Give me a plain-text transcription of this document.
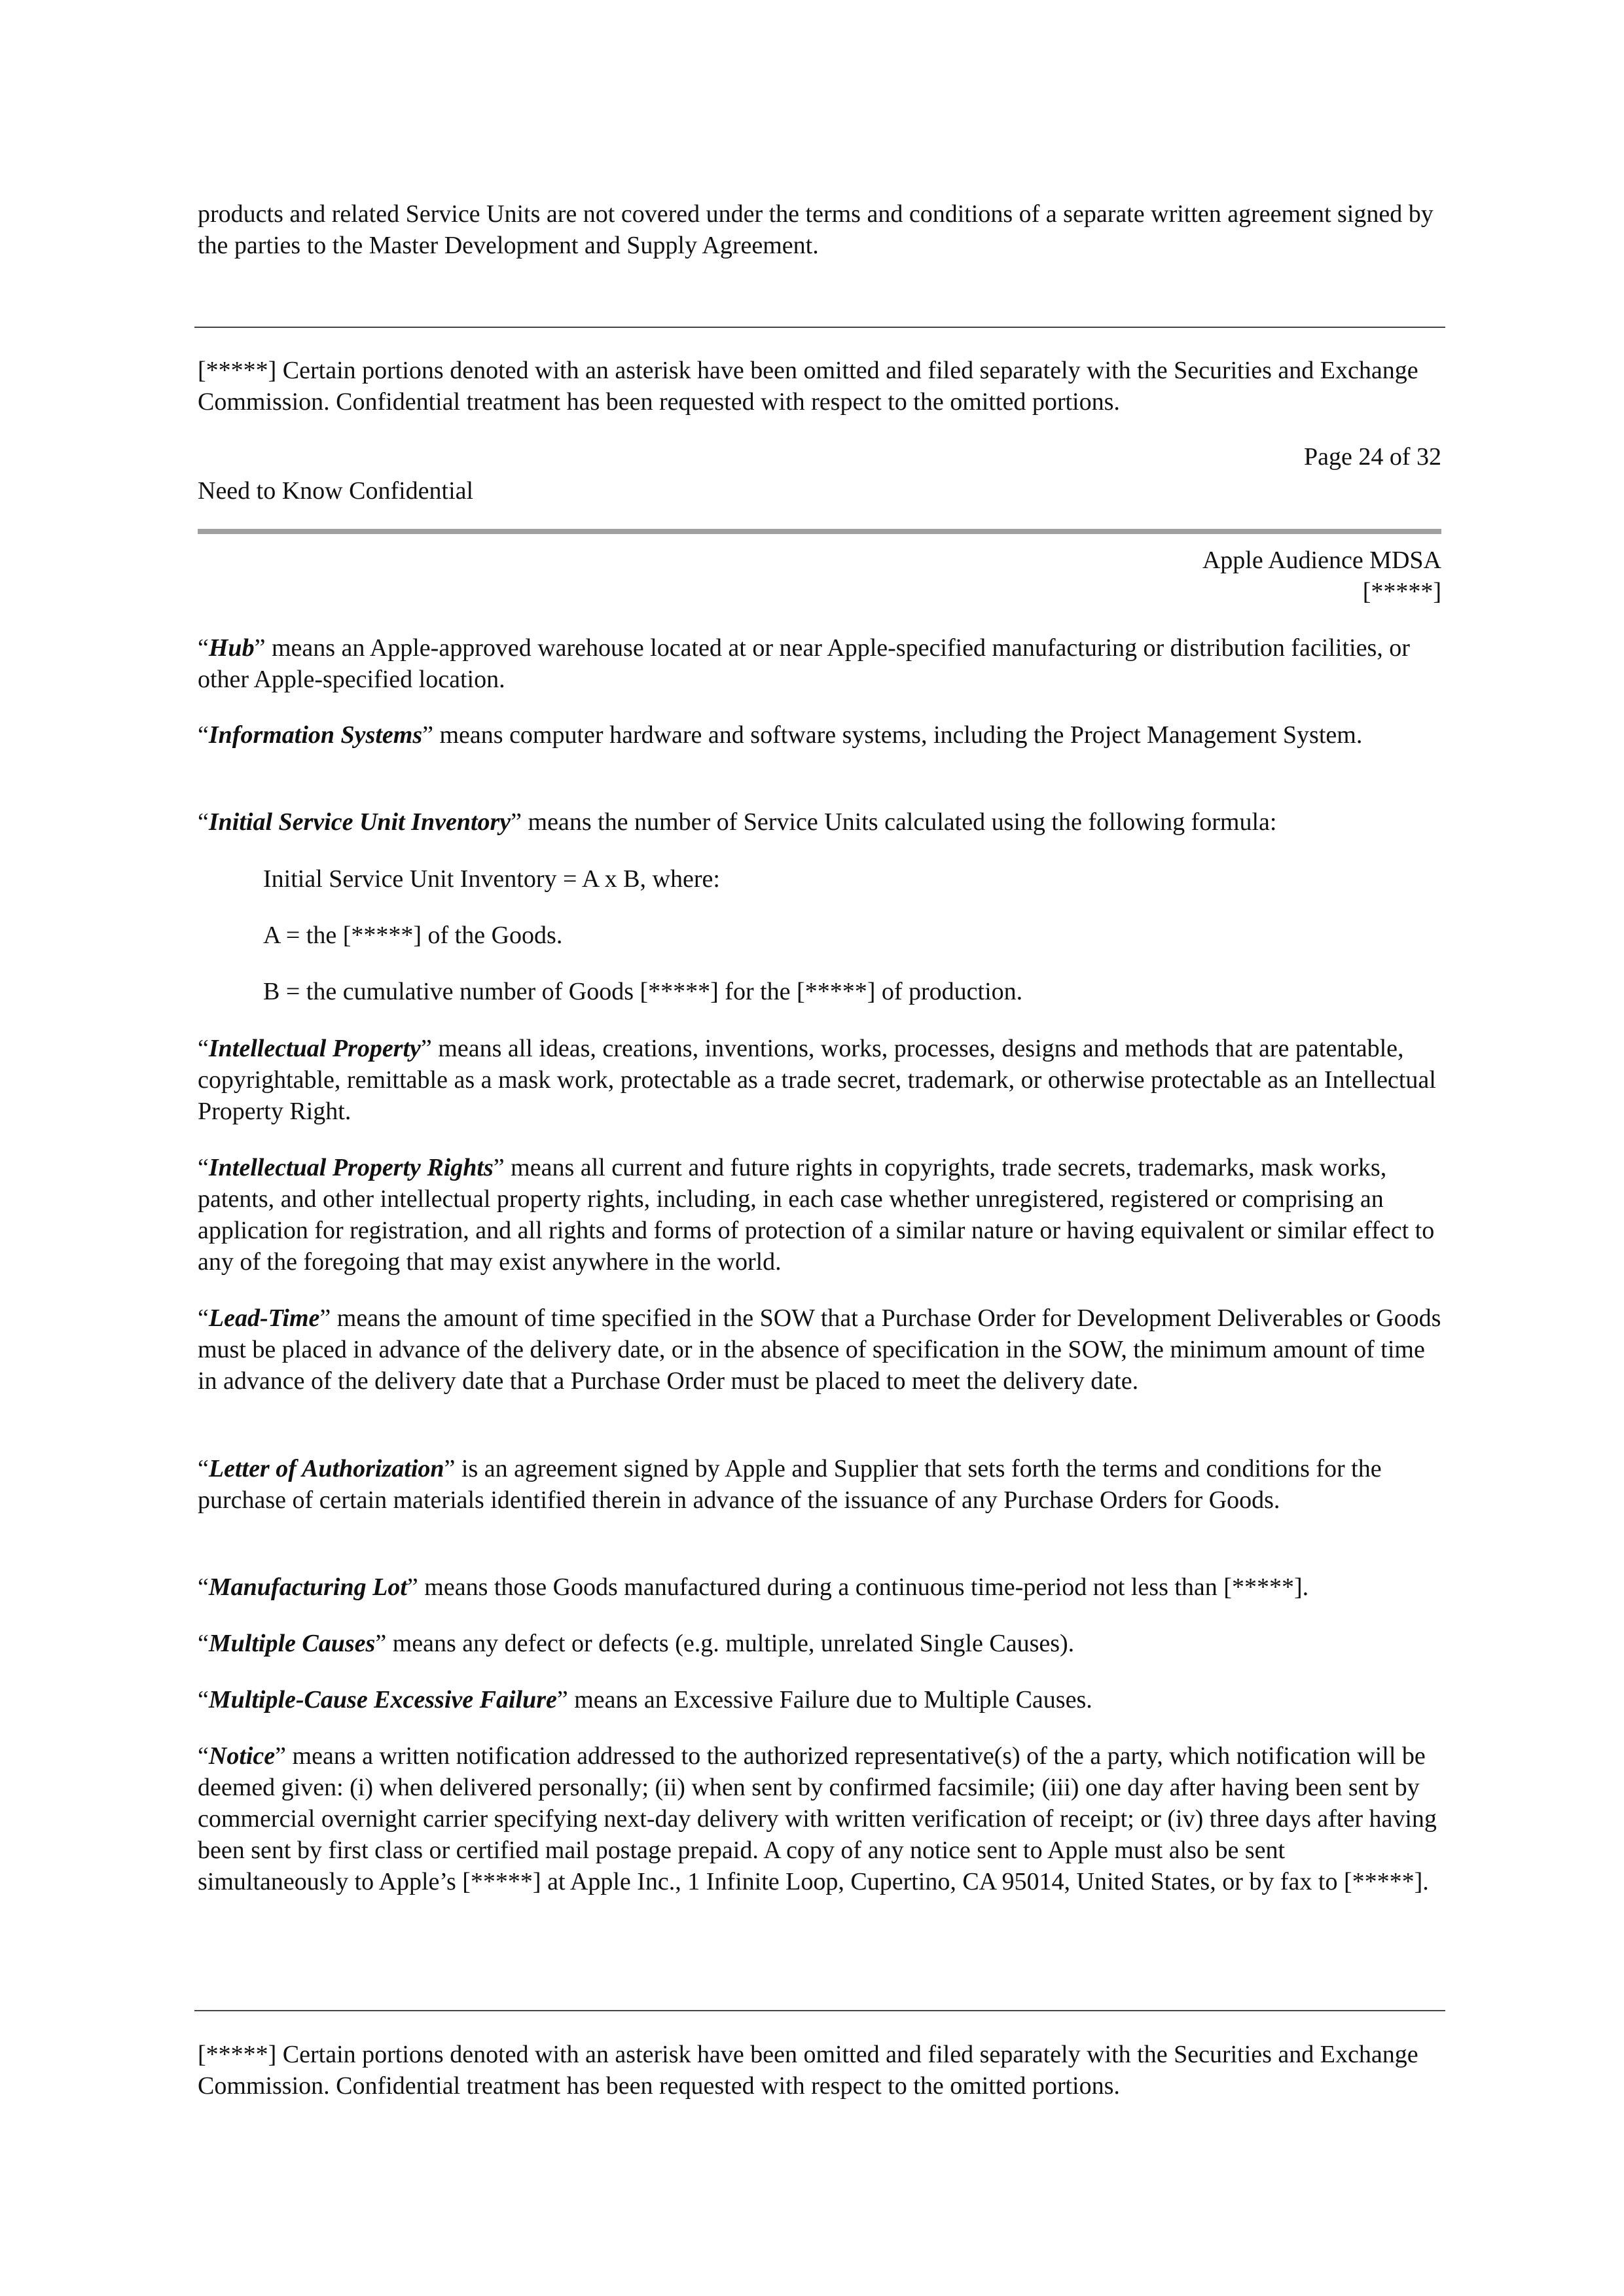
products and related Service Units are not covered under the terms and conditions of a separate written agreement signed by the parties to the Master Development and Supply Agreement.

[*****] Certain portions denoted with an asterisk have been omitted and filed separately with the Securities and Exchange Commission. Confidential treatment has been requested with respect to the omitted portions.

Page 24 of 32

Need to Know Confidential

Apple Audience MDSA
[*****]

“Hub” means an Apple-approved warehouse located at or near Apple-specified manufacturing or distribution facilities, or other Apple-specified location.

“Information Systems” means computer hardware and software systems, including the Project Management System.

“Initial Service Unit Inventory” means the number of Service Units calculated using the following formula:

Initial Service Unit Inventory = A x B, where:

A = the [*****] of the Goods.

B = the cumulative number of Goods [*****] for the [*****] of production.

“Intellectual Property” means all ideas, creations, inventions, works, processes, designs and methods that are patentable, copyrightable, remittable as a mask work, protectable as a trade secret, trademark, or otherwise protectable as an Intellectual Property Right.

“Intellectual Property Rights” means all current and future rights in copyrights, trade secrets, trademarks, mask works, patents, and other intellectual property rights, including, in each case whether unregistered, registered or comprising an application for registration, and all rights and forms of protection of a similar nature or having equivalent or similar effect to any of the foregoing that may exist anywhere in the world.

“Lead-Time” means the amount of time specified in the SOW that a Purchase Order for Development Deliverables or Goods must be placed in advance of the delivery date, or in the absence of specification in the SOW, the minimum amount of time in advance of the delivery date that a Purchase Order must be placed to meet the delivery date.

“Letter of Authorization” is an agreement signed by Apple and Supplier that sets forth the terms and conditions for the purchase of certain materials identified therein in advance of the issuance of any Purchase Orders for Goods.

“Manufacturing Lot” means those Goods manufactured during a continuous time-period not less than [*****].

“Multiple Causes” means any defect or defects (e.g. multiple, unrelated Single Causes).

“Multiple-Cause Excessive Failure” means an Excessive Failure due to Multiple Causes.

“Notice” means a written notification addressed to the authorized representative(s) of the a party, which notification will be deemed given: (i) when delivered personally; (ii) when sent by confirmed facsimile; (iii) one day after having been sent by commercial overnight carrier specifying next-day delivery with written verification of receipt; or (iv) three days after having been sent by first class or certified mail postage prepaid. A copy of any notice sent to Apple must also be sent simultaneously to Apple’s [*****] at Apple Inc., 1 Infinite Loop, Cupertino, CA 95014, United States, or by fax to [*****].

[*****] Certain portions denoted with an asterisk have been omitted and filed separately with the Securities and Exchange Commission. Confidential treatment has been requested with respect to the omitted portions.
